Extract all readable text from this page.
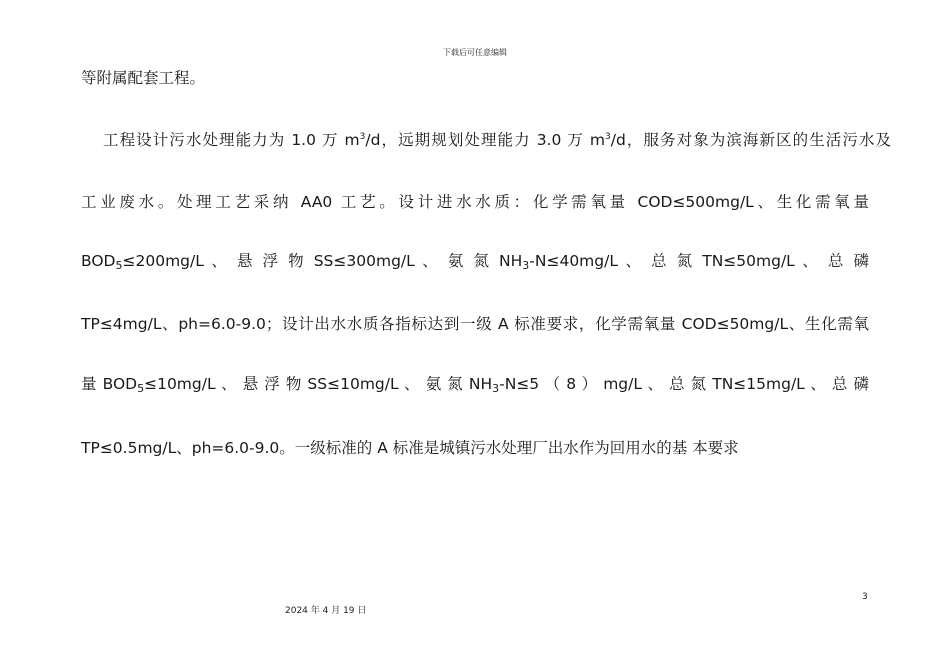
下载后可任意编辑
等附属配套工程。
工程设计污水处理能力为 1.0 万 $m^3/d$，远期规划处理能力 3.0 万 $m^3/d$，服务对象为滨海新区的生活污水及
工业废水。处理工艺采纳 AA0 工艺。设计进水水质：化学需氧量 COD≤500mg/L、生化需氧量
$BOD_5\le 200mg/L$ 、 悬 浮 物 SS≤300mg/L 、 氨 氮 $NH_3-N\le 40mg/L$ 、 总 氮 TN≤50mg/L 、 总 磷
TP≤4mg/L、ph=6.0-9.0；设计出水水质各指标达到一级 A 标准要求，化学需氧量 COD≤50mg/L、生化需氧
量 $BOD_5\le 10mg/L$ 、 悬 浮 物 SS≤10mg/L 、 氨 氮 $NH_3-N\le 5$ （ 8 ） mg/L 、 总 氮 TN≤15mg/L 、 总 磷
TP≤0.5mg/L、ph=6.0-9.0。一级标准的 A 标准是城镇污水处理厂出水作为回用水的基 本要求
3
2024 年 4 月 19 日
